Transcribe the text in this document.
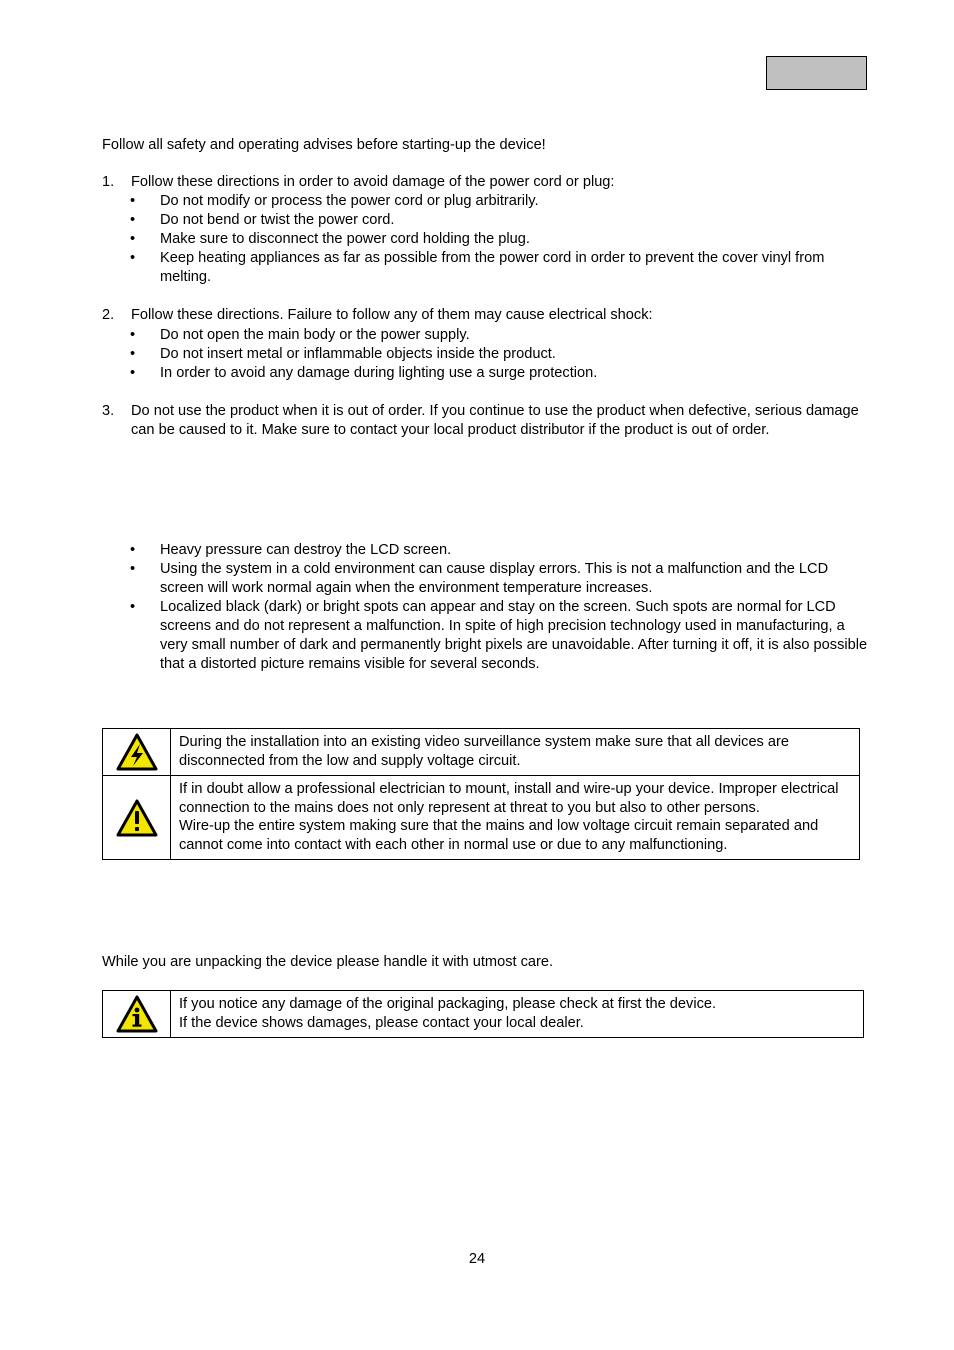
Follow all safety and operating advises before starting-up the device!
1. Follow these directions in order to avoid damage of the power cord or plug:
• Do not modify or process the power cord or plug arbitrarily.
• Do not bend or twist the power cord.
• Make sure to disconnect the power cord holding the plug.
• Keep heating appliances as far as possible from the power cord in order to prevent the cover vinyl from melting.
2. Follow these directions. Failure to follow any of them may cause electrical shock:
• Do not open the main body or the power supply.
• Do not insert metal or inflammable objects inside the product.
• In order to avoid any damage during lighting use a surge protection.
3. Do not use the product when it is out of order. If you continue to use the product when defective, serious damage can be caused to it. Make sure to contact your local product distributor if the product is out of order.
• Heavy pressure can destroy the LCD screen.
• Using the system in a cold environment can cause display errors. This is not a malfunction and the LCD screen will work normal again when the environment temperature increases.
• Localized black (dark) or bright spots can appear and stay on the screen. Such spots are normal for LCD screens and do not represent a malfunction. In spite of high precision technology used in manufacturing, a very small number of dark and permanently bright pixels are unavoidable. After turning it off, it is also possible that a distorted picture remains visible for several seconds.
	During the installation into an existing video surveillance system make sure that all devices are disconnected from the low and supply voltage circuit.

If in doubt allow a professional electrician to mount, install and wire-up your device. Improper electrical connection to the mains does not only represent at threat to you but also to other persons.
Wire-up the entire system making sure that the mains and low voltage circuit remain separated and cannot come into contact with each other in normal use or due to any malfunctioning.
While you are unpacking the device please handle it with utmost care.

If you notice any damage of the original packaging, please check at first the device.
If the device shows damages, please contact your local dealer.
24
